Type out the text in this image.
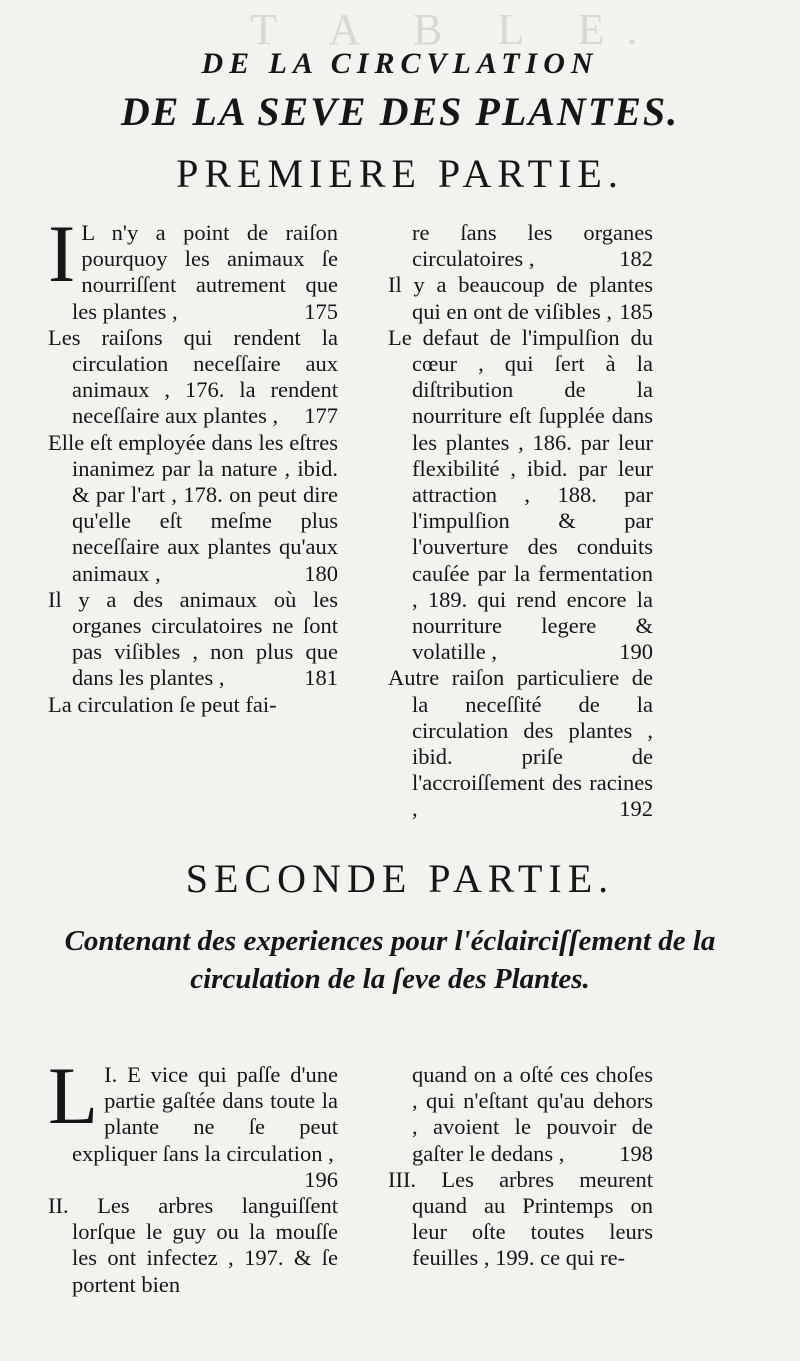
T A B L E.
DE LA CIRCVLATION
DE LA SEVE DES PLANTES.
PREMIERE PARTIE.

I L n'y a point de raiſon pourquoy les animaux ſe nourriſſent autrement que les plantes ,	175

Les raiſons qui rendent la circulation neceſſaire aux animaux , 176. la rendent neceſſaire aux plantes , 177

Elle eſt employée dans les eſtres inanimez par la nature , ibid. & par l'art , 178. on peut dire qu'elle eſt meſme plus neceſſaire aux plantes qu'aux animaux ,	180

Il y a des animaux où les organes circulatoires ne ſont pas viſibles , non plus que dans les plantes ,	181

La circulation ſe peut fai-

re ſans les organes circulatoires ,	182

Il y a beaucoup de plantes qui en ont de viſibles , 185

Le defaut de l'impulſion du cœur , qui ſert à la diſtribution de la nourriture eſt ſupplée dans les plantes , 186. par leur flexibilité , ibid. par leur attraction , 188. par l'impulſion & par l'ouverture des conduits cauſée par la fermentation , 189. qui rend encore la nourriture legere & volatille ,	190

Autre raiſon particuliere de la neceſſité de la circulation des plantes , ibid. priſe de l'accroiſſement des racines ,	192

SECONDE PARTIE.
Contenant des experiences pour l'éclairciſſement de la circulation de la ſeve des Plantes.

I.
L E vice qui paſſe d'une partie gaſtée dans toute la plante ne ſe peut expliquer ſans la circulation ,
196

II. Les arbres languiſſent lorſque le guy ou la mouſſe les ont infectez , 197. & ſe portent bien

quand on a oſté ces choſes , qui n'eſtant qu'au dehors , avoient le pouvoir de gaſter le dedans , 198

III. Les arbres meurent quand au Printemps on leur oſte toutes leurs feuilles , 199. ce qui re-
